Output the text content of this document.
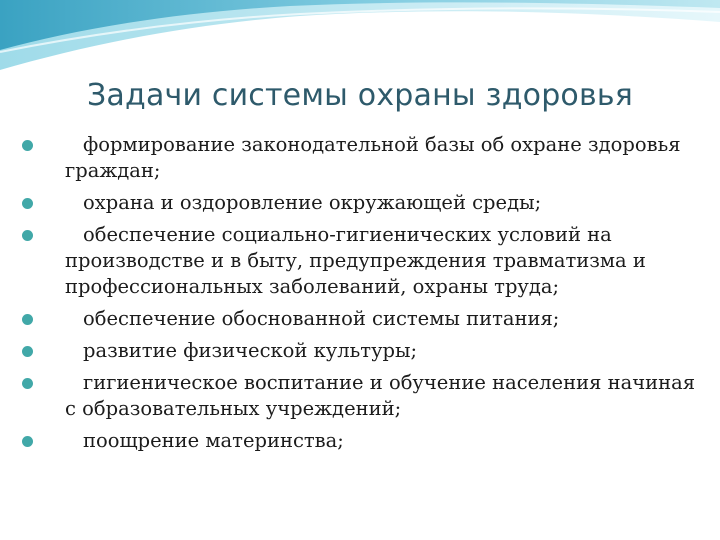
Задачи системы охраны здоровья
формирование законодательной базы об охране здоровья граждан;
охрана и оздоровление окружающей среды;
обеспечение социально-гигиенических условий на производстве и в быту, предупреждения травматизма и профессиональных заболеваний, охраны труда;
обеспечение обоснованной системы питания;
развитие физической культуры;
гигиеническое воспитание и обучение населения начиная с образовательных учреждений;
поощрение материнства;
